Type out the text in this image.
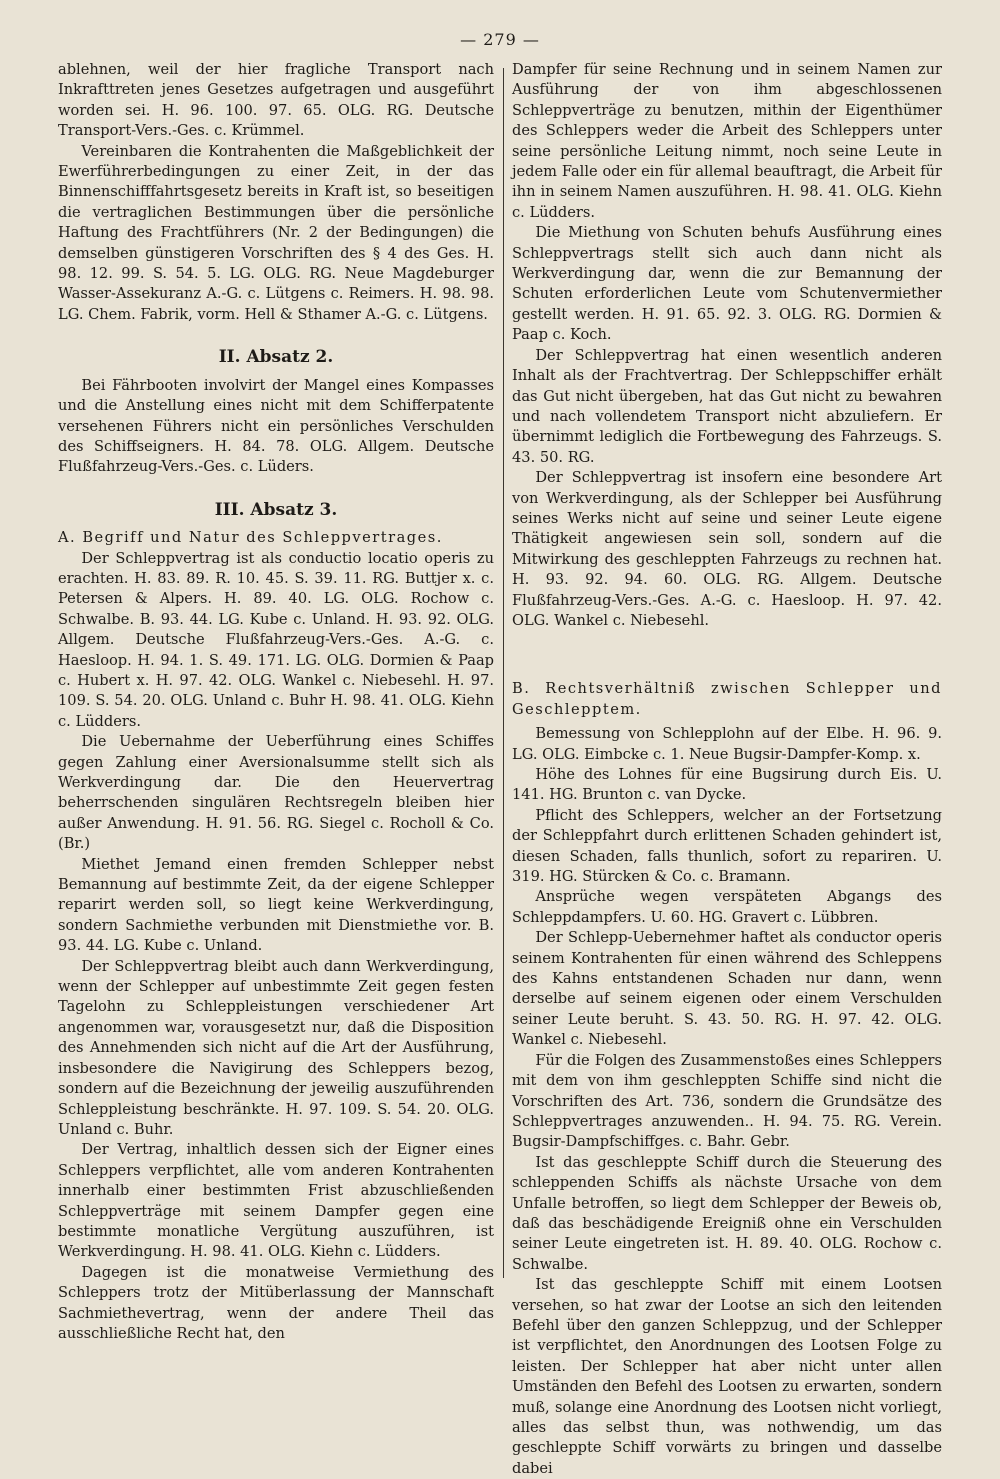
— 279 —

ablehnen, weil der hier fragliche Transport nach Inkrafttreten jenes Gesetzes aufgetragen und ausgeführt worden sei. H. 96. 100. 97. 65. OLG. RG. Deutsche Transport-Vers.-Ges. c. Krümmel.

Vereinbaren die Kontrahenten die Maßgeblichkeit der Ewerführerbedingungen zu einer Zeit, in der das Binnenschifffahrtsgesetz bereits in Kraft ist, so beseitigen die vertraglichen Bestimmungen über die persönliche Haftung des Frachtführers (Nr. 2 der Bedingungen) die demselben günstigeren Vorschriften des § 4 des Ges. H. 98. 12. 99. S. 54. 5. LG. OLG. RG. Neue Magdeburger Wasser-Assekuranz A.-G. c. Lütgens c. Reimers. H. 98. 98. LG. Chem. Fabrik, vorm. Hell & Sthamer A.-G. c. Lütgens.

II. Absatz 2.

Bei Fährbooten involvirt der Mangel eines Kompasses und die Anstellung eines nicht mit dem Schifferpatente versehenen Führers nicht ein persönliches Verschulden des Schiffseigners. H. 84. 78. OLG. Allgem. Deutsche Flußfahrzeug-Vers.-Ges. c. Lüders.

III. Absatz 3.

A. Begriff und Natur des Schleppvertrages.

Der Schleppvertrag ist als conductio locatio operis zu erachten. H. 83. 89. R. 10. 45. S. 39. 11. RG. Buttjer x. c. Petersen & Alpers. H. 89. 40. LG. OLG. Rochow c. Schwalbe. B. 93. 44. LG. Kube c. Unland. H. 93. 92. OLG. Allgem. Deutsche Flußfahrzeug-Vers.-Ges. A.-G. c. Haesloop. H. 94. 1. S. 49. 171. LG. OLG. Dormien & Paap c. Hubert x. H. 97. 42. OLG. Wankel c. Niebesehl. H. 97. 109. S. 54. 20. OLG. Unland c. Buhr H. 98. 41. OLG. Kiehn c. Lüdders.

Die Uebernahme der Ueberführung eines Schiffes gegen Zahlung einer Aversionalsumme stellt sich als Werkverdingung dar. Die den Heuervertrag beherrschenden singulären Rechtsregeln bleiben hier außer Anwendung. H. 91. 56. RG. Siegel c. Rocholl & Co. (Br.)

Miethet Jemand einen fremden Schlepper nebst Bemannung auf bestimmte Zeit, da der eigene Schlepper reparirt werden soll, so liegt keine Werkverdingung, sondern Sachmiethe verbunden mit Dienstmiethe vor. B. 93. 44. LG. Kube c. Unland.

Der Schleppvertrag bleibt auch dann Werkverdingung, wenn der Schlepper auf unbestimmte Zeit gegen festen Tagelohn zu Schleppleistungen verschiedener Art angenommen war, vorausgesetzt nur, daß die Disposition des Annehmenden sich nicht auf die Art der Ausführung, insbesondere die Navigirung des Schleppers bezog, sondern auf die Bezeichnung der jeweilig auszuführenden Schleppleistung beschränkte. H. 97. 109. S. 54. 20. OLG. Unland c. Buhr.

Der Vertrag, inhaltlich dessen sich der Eigner eines Schleppers verpflichtet, alle vom anderen Kontrahenten innerhalb einer bestimmten Frist abzuschließenden Schleppverträge mit seinem Dampfer gegen eine bestimmte monatliche Vergütung auszuführen, ist Werkverdingung. H. 98. 41. OLG. Kiehn c. Lüdders.

Dagegen ist die monatweise Vermiethung des Schleppers trotz der Mitüberlassung der Mannschaft Sachmiethevertrag, wenn der andere Theil das ausschließliche Recht hat, den

Dampfer für seine Rechnung und in seinem Namen zur Ausführung der von ihm abgeschlossenen Schleppverträge zu benutzen, mithin der Eigenthümer des Schleppers weder die Arbeit des Schleppers unter seine persönliche Leitung nimmt, noch seine Leute in jedem Falle oder ein für allemal beauftragt, die Arbeit für ihn in seinem Namen auszuführen. H. 98. 41. OLG. Kiehn c. Lüdders.

Die Miethung von Schuten behufs Ausführung eines Schleppvertrags stellt sich auch dann nicht als Werkverdingung dar, wenn die zur Bemannung der Schuten erforderlichen Leute vom Schutenvermiether gestellt werden. H. 91. 65. 92. 3. OLG. RG. Dormien & Paap c. Koch.

Der Schleppvertrag hat einen wesentlich anderen Inhalt als der Frachtvertrag. Der Schleppschiffer erhält das Gut nicht übergeben, hat das Gut nicht zu bewahren und nach vollendetem Transport nicht abzuliefern. Er übernimmt lediglich die Fortbewegung des Fahrzeugs. S. 43. 50. RG.

Der Schleppvertrag ist insofern eine besondere Art von Werkverdingung, als der Schlepper bei Ausführung seines Werks nicht auf seine und seiner Leute eigene Thätigkeit angewiesen sein soll, sondern auf die Mitwirkung des geschleppten Fahrzeugs zu rechnen hat. H. 93. 92. 94. 60. OLG. RG. Allgem. Deutsche Flußfahrzeug-Vers.-Ges. A.-G. c. Haesloop. H. 97. 42. OLG. Wankel c. Niebesehl.

B. Rechtsverhältniß zwischen Schlepper und Geschlepptem.

Bemessung von Schlepplohn auf der Elbe. H. 96. 9. LG. OLG. Eimbcke c. 1. Neue Bugsir-Dampfer-Komp. x.

Höhe des Lohnes für eine Bugsirung durch Eis. U. 141. HG. Brunton c. van Dycke.

Pflicht des Schleppers, welcher an der Fortsetzung der Schleppfahrt durch erlittenen Schaden gehindert ist, diesen Schaden, falls thunlich, sofort zu repariren. U. 319. HG. Stürcken & Co. c. Bramann.

Ansprüche wegen verspäteten Abgangs des Schleppdampfers. U. 60. HG. Gravert c. Lübbren.

Der Schlepp-Uebernehmer haftet als conductor operis seinem Kontrahenten für einen während des Schleppens des Kahns entstandenen Schaden nur dann, wenn derselbe auf seinem eigenen oder einem Verschulden seiner Leute beruht. S. 43. 50. RG. H. 97. 42. OLG. Wankel c. Niebesehl.

Für die Folgen des Zusammenstoßes eines Schleppers mit dem von ihm geschleppten Schiffe sind nicht die Vorschriften des Art. 736, sondern die Grundsätze des Schleppvertrages anzuwenden.. H. 94. 75. RG. Verein. Bugsir-Dampfschiffges. c. Bahr. Gebr.

Ist das geschleppte Schiff durch die Steuerung des schleppenden Schiffs als nächste Ursache von dem Unfalle betroffen, so liegt dem Schlepper der Beweis ob, daß das beschädigende Ereigniß ohne ein Verschulden seiner Leute eingetreten ist. H. 89. 40. OLG. Rochow c. Schwalbe.

Ist das geschleppte Schiff mit einem Lootsen versehen, so hat zwar der Lootse an sich den leitenden Befehl über den ganzen Schleppzug, und der Schlepper ist verpflichtet, den Anordnungen des Lootsen Folge zu leisten. Der Schlepper hat aber nicht unter allen Umständen den Befehl des Lootsen zu erwarten, sondern muß, solange eine Anordnung des Lootsen nicht vorliegt, alles das selbst thun, was nothwendig, um das geschleppte Schiff vorwärts zu bringen und dasselbe dabei
